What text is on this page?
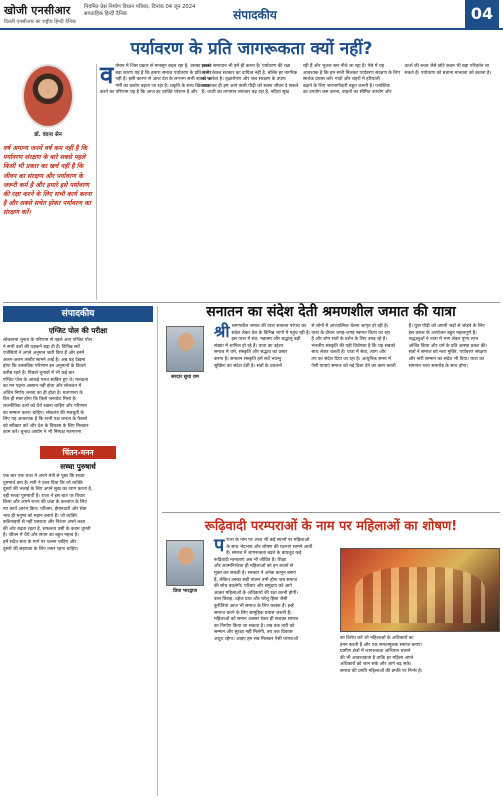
खोजी एनसीआर
दिल्ली एनसीआर का राष्ट्रीय हिन्दी दैनिक
नियमित प्रेस निर्माण विधान पत्रिका, दिनांक 04 जून 2024
साप्ताहिक हिन्दी दैनिक	संपादकीय	04
पर्यावरण के प्रति जागरूकता क्यों नहीं?
डॉ. वंदना सेन
वर्ष अमान्य जनमें वर्ष कम नहीं है कि पर्यावरण संरक्षण के बारे सबसे पहले किसी भी प्रकार का खर्च नहीं है कि जीवन का संरक्षण और पर्यावरण के जरूरी कर्म है और हमारे इसे पर्यावरण की रक्षा करने के लिए सभी कार्य करना है और सबसे सचेत होकर पर्यावरण का संरक्षण करें।
व र्तमान में जिस प्रकार से मानसून बदल रहा है, उसका सबसे
बड़ा कारण यह है कि हमारा समाज पर्यावरण के प्रति गंभीर
नहीं है। इसी कारण से आज देश के लगभग सभी स्थानों पर
गर्मी का प्रकोप बढ़ता जा रहा है। प्रकृति के साथ खिलवाड़
करने का परिणाम यह है कि आज हर व्यक्ति परेशान है और
इसका समाधान भी हमें ही करना है। पर्यावरण की रक्षा
करना केवल सरकार का दायित्व नहीं है, बल्कि हर नागरिक
का कर्तव्य है। वृक्षारोपण और जल संरक्षण के उपाय
अपनाकर ही हम आने वाली पीढ़ी को स्वस्थ जीवन दे सकते
हैं। धरती का तापमान लगातार बढ़ रहा है, नदियां सूख
रही हैं और भूजल स्तर नीचे जा रहा है। ऐसे में यह
आवश्यक है कि हम सभी मिलकर पर्यावरण संरक्षण के लिए
सार्थक प्रयास करें। गांवों और शहरों में हरियाली
बढ़ाने के लिए जनभागीदारी बहुत जरूरी है। प्लास्टिक
का उपयोग कम करना, वाहनों का सीमित उपयोग और
ऊर्जा की बचत जैसे छोटे कदम भी बड़ा परिवर्तन ला
सकते हैं। पर्यावरण को बचाना मानवता को बचाना है।
संपादकीय
एग्जिट पोल की परीक्षा
लोकसभा चुनाव के परिणाम से पहले आए एग्जिट पोल
ने सभी दलों की धड़कनें बढ़ा दी हैं। विभिन्न सर्वे
एजेंसियों ने अपने अनुमान जारी किए हैं और इनमें
अलग-अलग तस्वीर सामने आई है। अब यह देखना
होगा कि वास्तविक परिणाम इन अनुमानों के कितने
करीब रहते हैं। पिछले चुनावों में भी कई बार
एग्जिट पोल के आंकड़े गलत साबित हुए थे। मतदाता
का मन पढ़ना आसान नहीं होता और लोकतंत्र में
अंतिम निर्णय जनता का ही होता है। मतगणना के
दिन ही स्पष्ट होगा कि किसे जनादेश मिला है।
राजनीतिक दलों को धैर्य रखना चाहिए और परिणाम
का सम्मान करना चाहिए। लोकतंत्र की मजबूती के
लिए यह आवश्यक है कि सभी पक्ष जनता के फैसले
को स्वीकार करें और देश के विकास के लिए मिलकर
काम करें। चुनाव आयोग ने भी निष्पक्ष मतगणना
चिंतन-मनन
सच्चा पुरुषार्थ
एक बार एक राजा ने अपने मंत्री से पूछा कि सच्चा
पुरुषार्थ क्या है। मंत्री ने उत्तर दिया कि जो व्यक्ति
दूसरों की भलाई के लिए अपने सुख का त्याग करता है,
वही सच्चा पुरुषार्थी है। राजा ने इस बात पर विचार
किया और अपने राज्य की प्रजा के कल्याण के लिए
नए कार्य आरंभ किए। परिश्रम, ईमानदारी और सेवा
भाव ही मनुष्य को महान बनाते हैं। जो व्यक्ति
कठिनाइयों से नहीं घबराता और निरंतर अपने लक्ष्य
की ओर बढ़ता रहता है, सफलता उसी के कदम चूमती
है। जीवन में धैर्य और संयम का बहुत महत्व है।
हमें सदैव सत्य के मार्ग पर चलना चाहिए और
दूसरों की सहायता के लिए तत्पर रहना चाहिए।
सनातन का संदेश देती श्रमणशील जमात की यात्रा
सरदार सुधा राम
श्री श्रमणशील जमात की यात्रा सनातन परंपरा का
संदेश लेकर देश के विभिन्न भागों में पहुंच रही है।
इस यात्रा में संत, महात्मा और श्रद्धालु बड़ी
संख्या में शामिल हो रहे हैं। यात्रा का उद्देश्य
समाज में धर्म, संस्कृति और सद्भाव का प्रसार
करना है। सनातन संस्कृति हमें सर्वे भवन्तु
सुखिनः का संदेश देती है। संतों के प्रवचनों
से लोगों में आध्यात्मिक चेतना जागृत हो रही है।
यात्रा के दौरान जगह-जगह स्वागत किया जा रहा
है और लोग संतों के दर्शन के लिए उमड़ रहे हैं।
भारतीय संस्कृति की यही विशेषता है कि यह सबको
साथ लेकर चलती है। यात्रा में सेवा, त्याग और
तप का संदेश दिया जा रहा है। आधुनिक समय में
ऐसी यात्राएं समाज को नई दिशा देने का काम करती
हैं। युवा पीढ़ी को अपनी जड़ों से जोड़ने के लिए
इस प्रकार के आयोजन बहुत महत्वपूर्ण हैं।
श्रद्धालुओं ने यात्रा में भाग लेकर पुण्य लाभ
अर्जित किया और धर्म के प्रति आस्था प्रकट की।
संतों ने समाज को नशा मुक्ति, पर्यावरण संरक्षण
और नारी सम्मान का संदेश भी दिया। यात्रा का
समापन भव्य समारोह के साथ होगा।
रूढ़िवादी परम्पराओं के नाम पर महिलाओं का शोषण!
प्रिया भारद्वाज
प रंपरा के नाम पर आज भी कई स्थानों पर महिलाओं
के साथ भेदभाव और शोषण की घटनाएं सामने आती
हैं। समाज में जागरूकता बढ़ने के बावजूद कई
रूढ़िवादी मान्यताएं अब भी जीवित हैं। शिक्षा
और आत्मनिर्भरता ही महिलाओं को इन बंधनों से
मुक्त कर सकती है। सरकार ने अनेक कानून बनाए
हैं, लेकिन उनका सही पालन तभी होगा जब समाज
की सोच बदलेगी। परिवार और समुदाय को आगे
आकर महिलाओं के अधिकारों की रक्षा करनी होगी।
बाल विवाह, दहेज प्रथा और घरेलू हिंसा जैसी
कुरीतियां आज भी समाज के लिए कलंक हैं। इन्हें
समाप्त करने के लिए सामूहिक प्रयास जरूरी हैं।
महिलाओं को समान अवसर देकर ही सशक्त समाज
का निर्माण किया जा सकता है। जब तक नारी को
सम्मान और सुरक्षा नहीं मिलेगी, तब तक विकास
अधूरा रहेगा। आइए हम सब मिलकर ऐसी परंपराओं	का विरोध करें जो महिलाओं के अधिकारों का
हनन करती हैं और एक समतामूलक समाज बनाएं।
ग्रामीण क्षेत्रों में जागरूकता अभियान चलाने
की भी आवश्यकता है ताकि हर महिला अपने
अधिकारों को जान सके और आगे बढ़ सके।
समाज की प्रगति महिलाओं की प्रगति पर निर्भर है।
